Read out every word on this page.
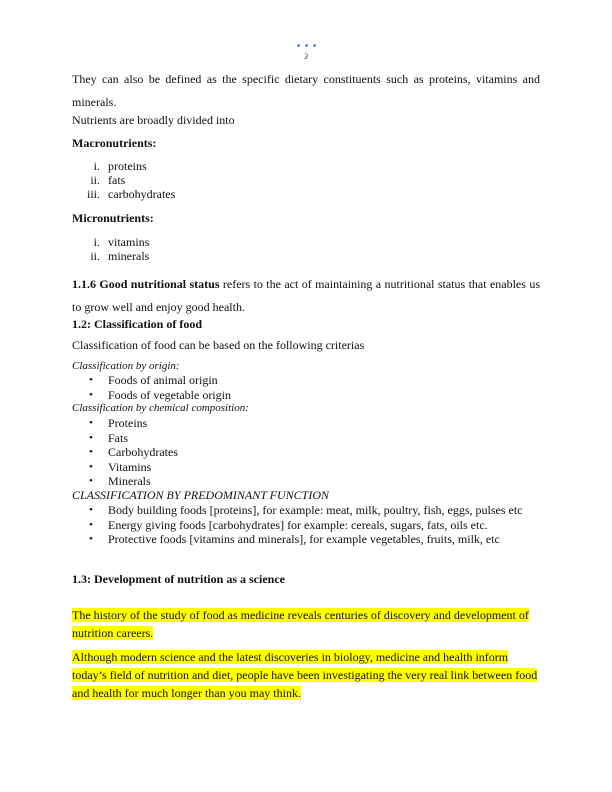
3

They can also be defined as the specific dietary constituents such as proteins, vitamins and minerals.

Nutrients are broadly divided into

Macronutrients:

i. proteins
ii. fats
iii. carbohydrates

Micronutrients:

i. vitamins
ii. minerals

1.1.6 Good nutritional status refers to the act of maintaining a nutritional status that enables us to grow well and enjoy good health.

1.2: Classification of food

Classification of food can be based on the following criterias

Classification by origin:

• Foods of animal origin
• Foods of vegetable origin

Classification by chemical composition:

• Proteins
• Fats
• Carbohydrates
• Vitamins
• Minerals

CLASSIFICATION BY PREDOMINANT FUNCTION

• Body building foods [proteins], for example: meat, milk, poultry, fish, eggs, pulses etc
• Energy giving foods [carbohydrates] for example: cereals, sugars, fats, oils etc.
• Protective foods [vitamins and minerals], for example vegetables, fruits, milk, etc

1.3: Development of nutrition as a science

The history of the study of food as medicine reveals centuries of discovery and development of nutrition careers.

Although modern science and the latest discoveries in biology, medicine and health inform today’s field of nutrition and diet, people have been investigating the very real link between food and health for much longer than you may think.
